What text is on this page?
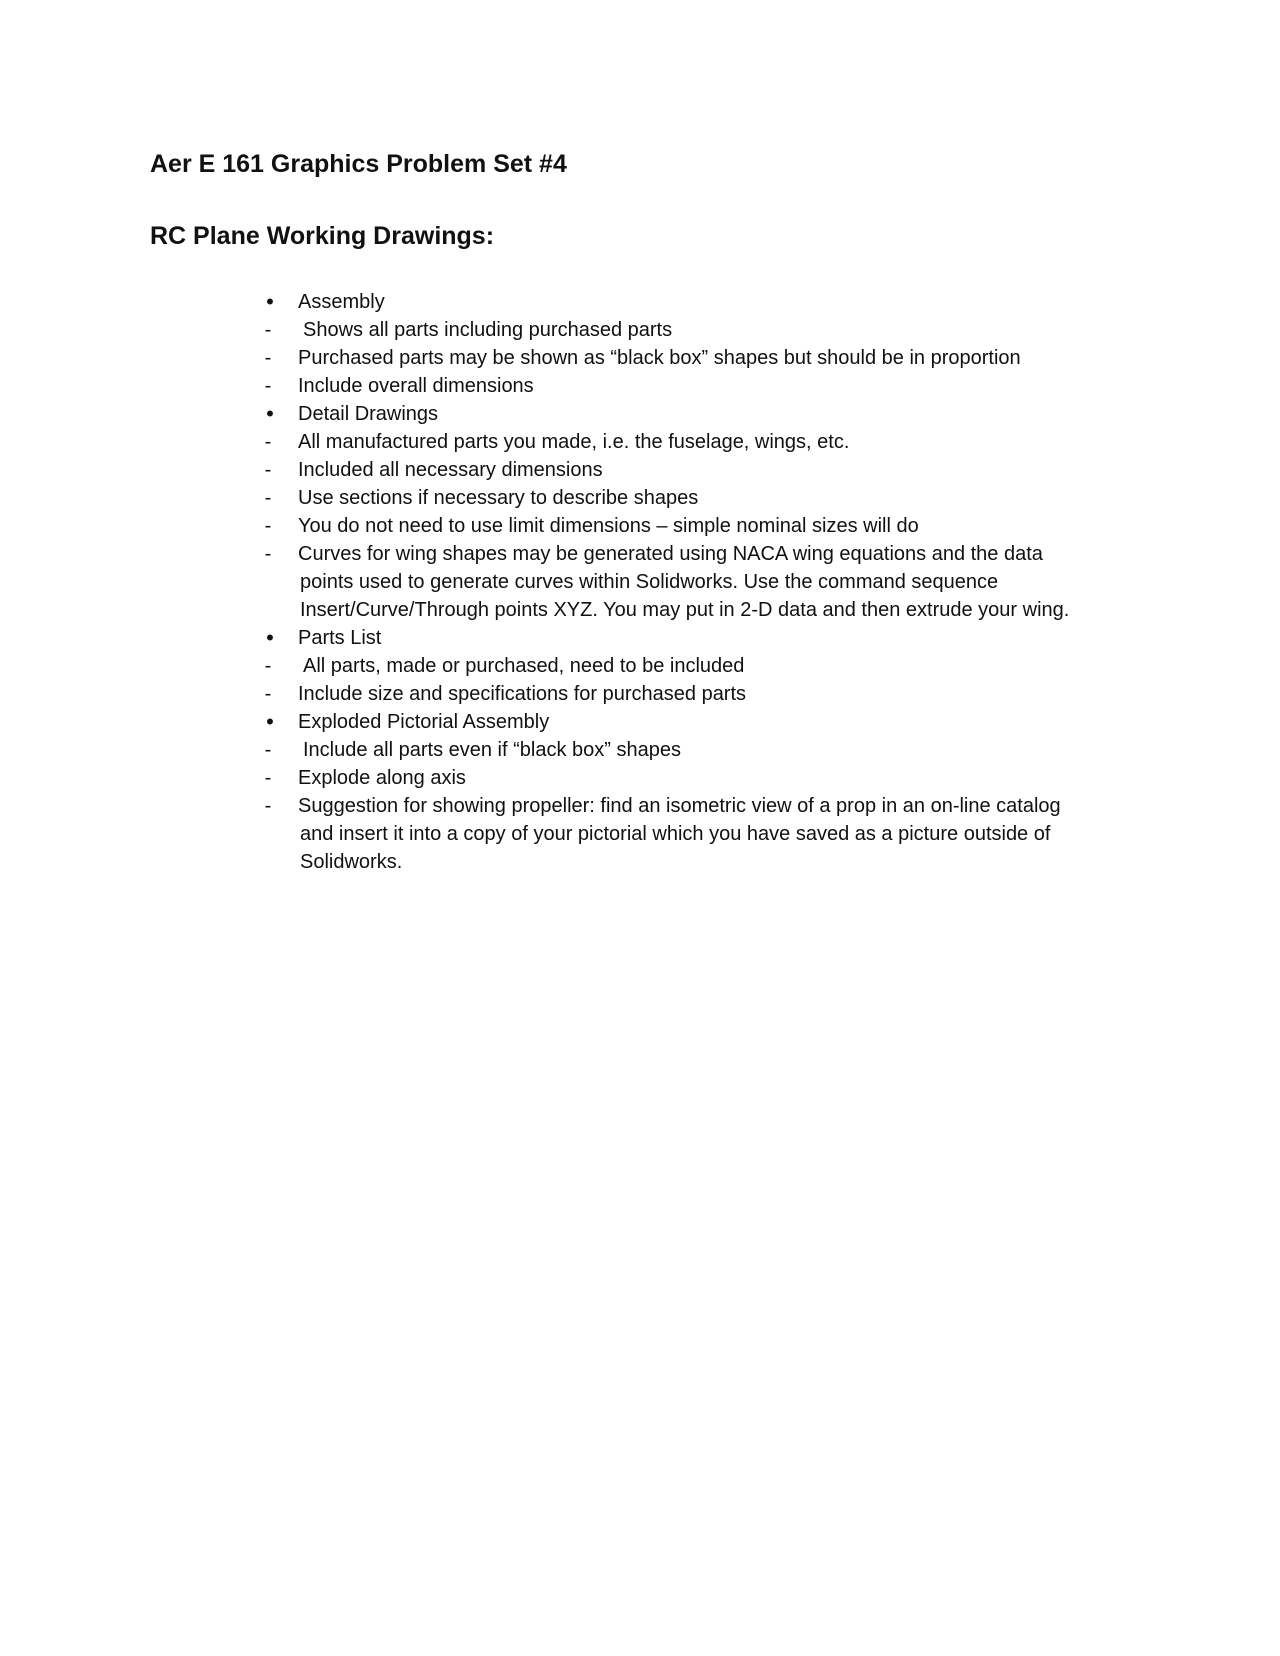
Aer E 161 Graphics Problem Set #4
RC Plane Working Drawings:
•	Assembly
-	Shows all parts including purchased parts
-	Purchased parts may be shown as “black box” shapes but should be in proportion
-	Include overall dimensions
•	Detail Drawings
-	All manufactured parts you made, i.e. the fuselage, wings, etc.
-	Included all necessary dimensions
-	Use sections if necessary to describe shapes
-	You do not need to use limit dimensions – simple nominal sizes will do
-	Curves for wing shapes may be generated using NACA wing equations and the data
points used to generate curves within Solidworks. Use the command sequence
Insert/Curve/Through points XYZ. You may put in 2-D data and then extrude your wing.
•	Parts List
-	All parts, made or purchased, need to be included
-	Include size and specifications for purchased parts
•	Exploded Pictorial Assembly
-	Include all parts even if “black box” shapes
-	Explode along axis
-	Suggestion for showing propeller: find an isometric view of a prop in an on-line catalog
and insert it into a copy of your pictorial which you have saved as a picture outside of
Solidworks.
